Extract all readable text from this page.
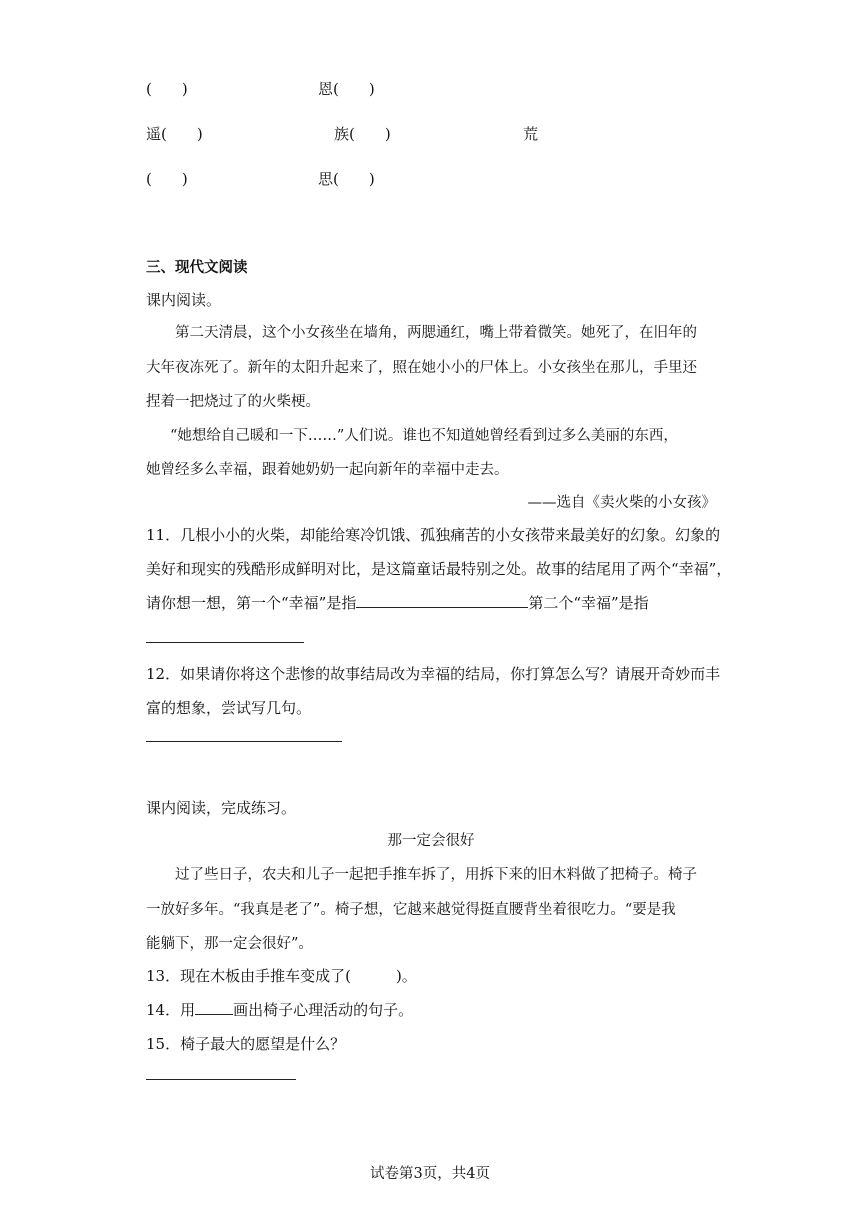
(　　)	恩(　　)
遥(　　)	族(　　)	荒
(　　)	思(　　)
三、现代文阅读
课内阅读。
第二天清晨，这个小女孩坐在墙角，两腮通红，嘴上带着微笑。她死了，在旧年的
大年夜冻死了。新年的太阳升起来了，照在她小小的尸体上。小女孩坐在那儿，手里还
捏着一把烧过了的火柴梗。
“她想给自己暖和一下……”人们说。谁也不知道她曾经看到过多么美丽的东西，
她曾经多么幸福，跟着她奶奶一起向新年的幸福中走去。
——选自《卖火柴的小女孩》
11．几根小小的火柴，却能给寒冷饥饿、孤独痛苦的小女孩带来最美好的幻象。幻象的
美好和现实的残酷形成鲜明对比，是这篇童话最特别之处。故事的结尾用了两个“幸福”，
请你想一想，第一个“幸福”是指	第二个“幸福”是指
12．如果请你将这个悲惨的故事结局改为幸福的结局，你打算怎么写？请展开奇妙而丰
富的想象，尝试写几句。
课内阅读，完成练习。
那一定会很好
过了些日子，农夫和儿子一起把手推车拆了，用拆下来的旧木料做了把椅子。椅子
一放好多年。“我真是老了”。椅子想，它越来越觉得挺直腰背坐着很吃力。“要是我
能躺下，那一定会很好”。
13．现在木板由手推车变成了(　　　)。
14．用	画出椅子心理活动的句子。
15．椅子最大的愿望是什么？
试卷第3页，共4页
